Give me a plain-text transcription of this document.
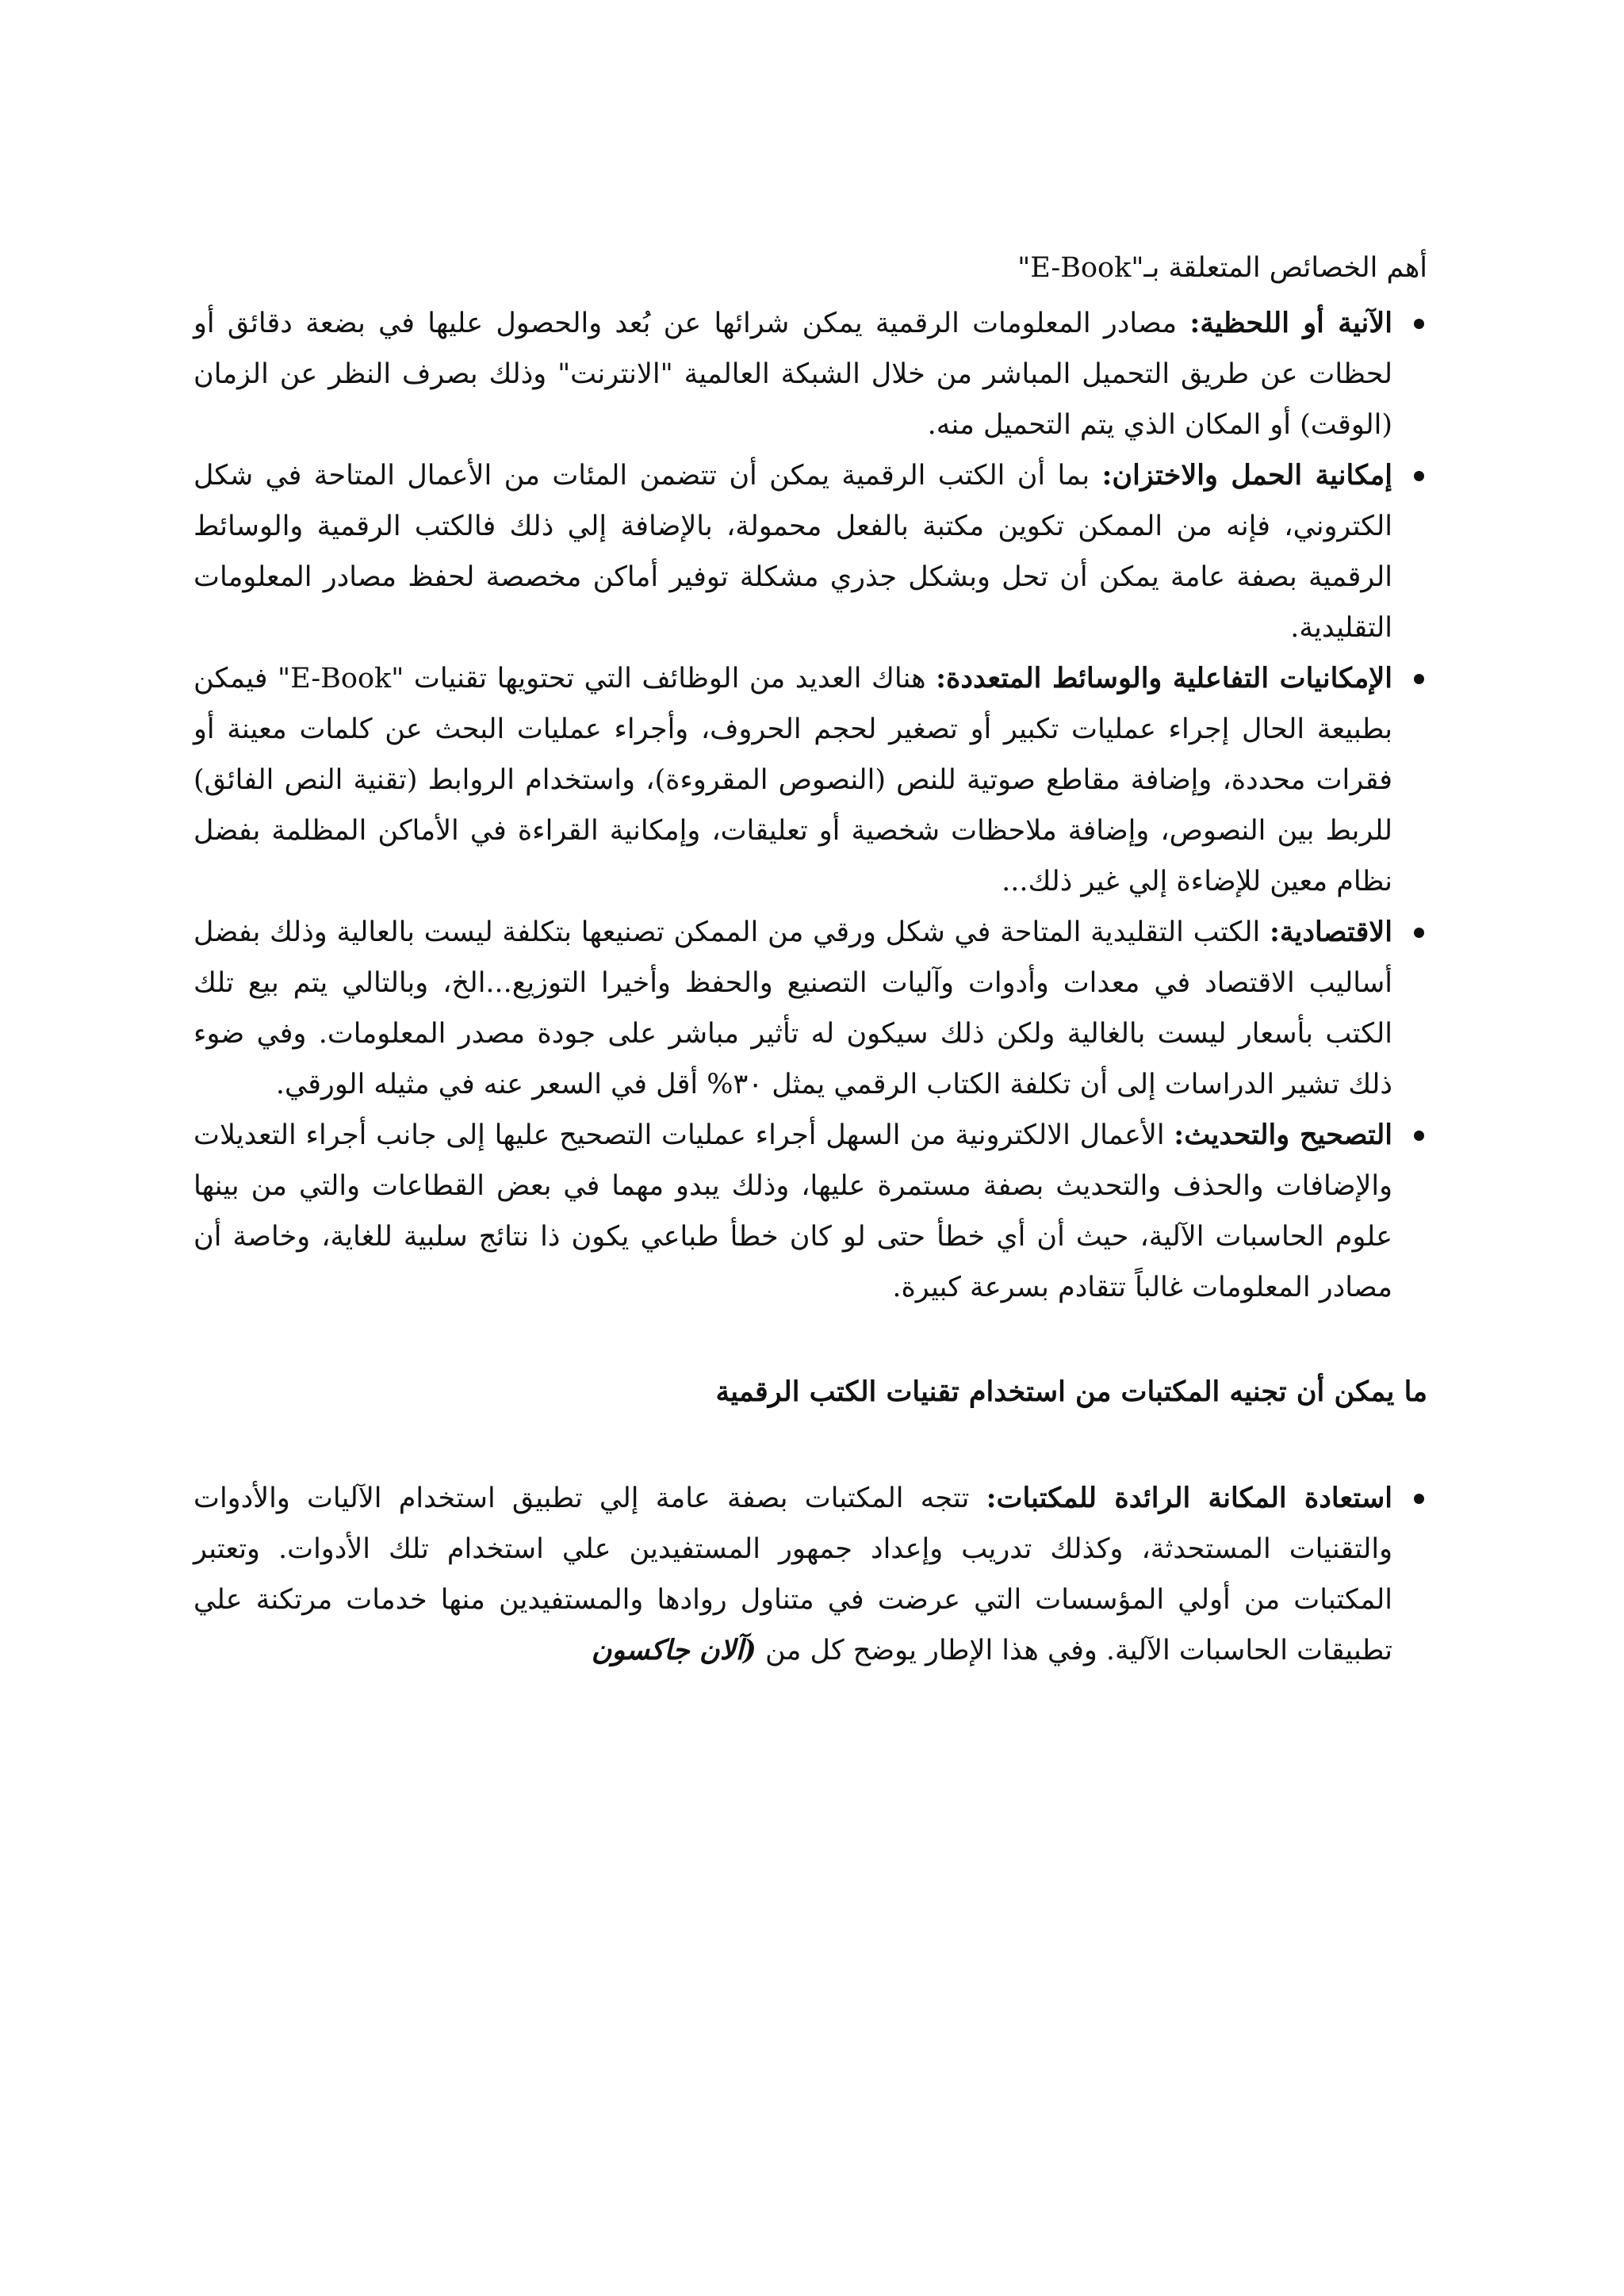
أهم الخصائص المتعلقة بـ"E-Book"

الآنية أو اللحظية: مصادر المعلومات الرقمية يمكن شرائها عن بُعد والحصول عليها في بضعة دقائق أو لحظات عن طريق التحميل المباشر من خلال الشبكة العالمية "الانترنت" وذلك بصرف النظر عن الزمان (الوقت) أو المكان الذي يتم التحميل منه.
إمكانية الحمل والاختزان: بما أن الكتب الرقمية يمكن أن تتضمن المئات من الأعمال المتاحة في شكل الكتروني، فإنه من الممكن تكوين مكتبة بالفعل محمولة، بالإضافة إلي ذلك فالكتب الرقمية والوسائط الرقمية بصفة عامة يمكن أن تحل وبشكل جذري مشكلة توفير أماكن مخصصة لحفظ مصادر المعلومات التقليدية.
الإمكانيات التفاعلية والوسائط المتعددة: هناك العديد من الوظائف التي تحتويها تقنيات "E-Book" فيمكن بطبيعة الحال إجراء عمليات تكبير أو تصغير لحجم الحروف، وأجراء عمليات البحث عن كلمات معينة أو فقرات محددة، وإضافة مقاطع صوتية للنص (النصوص المقروءة)، واستخدام الروابط (تقنية النص الفائق) للربط بين النصوص، وإضافة ملاحظات شخصية أو تعليقات، وإمكانية القراءة في الأماكن المظلمة بفضل نظام معين للإضاءة إلي غير ذلك...
الاقتصادية: الكتب التقليدية المتاحة في شكل ورقي من الممكن تصنيعها بتكلفة ليست بالعالية وذلك بفضل أساليب الاقتصاد في معدات وأدوات وآليات التصنيع والحفظ وأخيرا التوزيع...الخ، وبالتالي يتم بيع تلك الكتب بأسعار ليست بالغالية ولكن ذلك سيكون له تأثير مباشر على جودة مصدر المعلومات. وفي ضوء ذلك تشير الدراسات إلى أن تكلفة الكتاب الرقمي يمثل ٣٠% أقل في السعر عنه في مثيله الورقي.
التصحيح والتحديث: الأعمال الالكترونية من السهل أجراء عمليات التصحيح عليها إلى جانب أجراء التعديلات والإضافات والحذف والتحديث بصفة مستمرة عليها، وذلك يبدو مهما في بعض القطاعات والتي من بينها علوم الحاسبات الآلية، حيث أن أي خطأ حتى لو كان خطأ طباعي يكون ذا نتائج سلبية للغاية، وخاصة أن مصادر المعلومات غالباً تتقادم بسرعة كبيرة.

ما يمكن أن تجنيه المكتبات من استخدام تقنيات الكتب الرقمية

استعادة المكانة الرائدة للمكتبات: تتجه المكتبات بصفة عامة إلي تطبيق استخدام الآليات والأدوات والتقنيات المستحدثة، وكذلك تدريب وإعداد جمهور المستفيدين علي استخدام تلك الأدوات. وتعتبر المكتبات من أولي المؤسسات التي عرضت في متناول روادها والمستفيدين منها خدمات مرتكنة علي تطبيقات الحاسبات الآلية. وفي هذا الإطار يوضح كل من (آلان جاكسون
